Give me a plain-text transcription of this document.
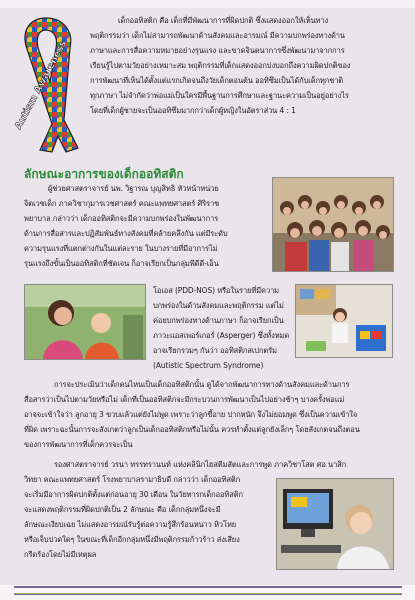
Autism Awareness
เด็กออทิสติก คือ เด็กที่มีพัฒนาการที่ผิดปกติ ซึ่งแสดงออกให้เห็นทาง
พฤติกรรมว่า เด็กไม่สามารถพัฒนาด้านสังคมและอารมณ์ มีความบกพร่องทางด้าน
ภาษาและการสื่อความหมายอย่างรุนแรง และขาดจินตนาการซึ่งพัฒนามาจากการ
เรียนรู้ไปตามวัยอย่างเหมาะสม พฤติกรรมที่เด็กแสดงออกบ่งบอกถึงความผิดปกติของ
การพัฒนาที่เห็นได้ตั้งแต่แรกเกิดจนถึงวัยเด็กตอนต้น ออทิซึมเป็นได้กับเด็กทุกชาติ
ทุกภาษา ไม่จำกัดว่าพ่อแม่เป็นใครมีพื้นฐานการศึกษาและฐานะความเป็นอยู่อย่างไร
โดยที่เด็กผู้ชายจะเป็นออทิซึมมากกว่าเด็กผู้หญิงในอัตราส่วน 4 : 1
ลักษณะอาการของเด็กออทิสติก
ผู้ช่วยศาสตราจารย์ นพ. วิฐารณ บุญสิทธิ หัวหน้าหน่วย
จิตเวชเด็ก ภาควิชากุมารเวชศาสตร์ คณะแพทยศาสตร์ ศิริราช
พยาบาล กล่าวว่า เด็กออทิสติกจะมีความบกพร่องในพัฒนาการ
ด้านการสื่อสารและปฏิสัมพันธ์ทางสังคมที่คล้ายคลึงกัน แต่มีระดับ
ความรุนแรงที่แตกต่างกันในแต่ละราย ในบางรายที่มีอาการไม่
รุนแรงถึงขั้นเป็นออทิสติกที่ชัดเจน ก็อาจเรียกเป็นกลุ่มพีดีดี-เอ็น
โอเอส (PDD-NOS) หรือในรายที่มีความ
บกพร่องในด้านสังคมและพฤติกรรม แต่ไม่
ค่อยบกพร่องทางด้านภาษา ก็อาจเรียกเป็น
ภาวะแอสเพอร์เกอร์ (Asperger) ซึ่งทั้งหมด
อาจเรียกรวมๆ กันว่า ออทิสติกสเปกตรัม
(Autistic Spectrum Syndrome)
การจะประเมินว่าเด็กคนไหนเป็นเด็กออทิสติกนั้น ดูได้จากพัฒนาการทางด้านสังคมและด้านการ
สื่อสารว่าเป็นไปตามวัยหรือไม่ เด็กที่เป็นออทิสติกจะมีกระบวนการพัฒนาเป็นไปอย่างช้าๆ บางครั้งพ่อแม่
อาจจะเข้าใจว่า ลูกอายุ 3 ขวบแล้วแต่ยังไม่พูด เพราะว่าลูกขี้อาย ปากหนัก จึงไม่ยอมพูด ซึ่งเป็นความเข้าใจ
ที่ผิด เพราะฉะนั้นการจะสังเกตว่าลูกเป็นเด็กออทิสติกหรือไม่นั้น ควรทำตั้งแต่ลูกยังเล็กๆ โดยสังเกตจนถึงตอน
ของการพัฒนาการที่เด็กควรจะเป็น
รองศาสตราจารย์ วรนา ทรรทรานนท์ แห่งคลินิกไฮสตีมสัตและการพูด ภาควิชาโสต ศอ นาสิก
วิทยา คณะแพทยศาสตร์ โรงพยาบาลรามาธิบดี กล่าวว่า เด็กออทิสติก
จะเริ่มมีอาการผิดปกติตั้งแต่ก่อนอายุ 30 เดือน ในวัยทารกเด็กออทิสติก
จะแสดงพฤติกรรมที่ผิดปกติเป็น 2 ลักษณะ คือ เด็กกลุ่มหนึ่งจะมี
ลักษณะเงียบเฉย ไม่แสดงอารมณ์รับรู้ต่อความรู้สึกร้อนหนาว หิวโหย
หรือเจ็บปวดใดๆ ในขณะที่เด็กอีกกลุ่มหนึ่งมีพฤติกรรมก้าวร้าว ส่งเสียง
กรีดร้องโดยไม่มีเหตุผล
